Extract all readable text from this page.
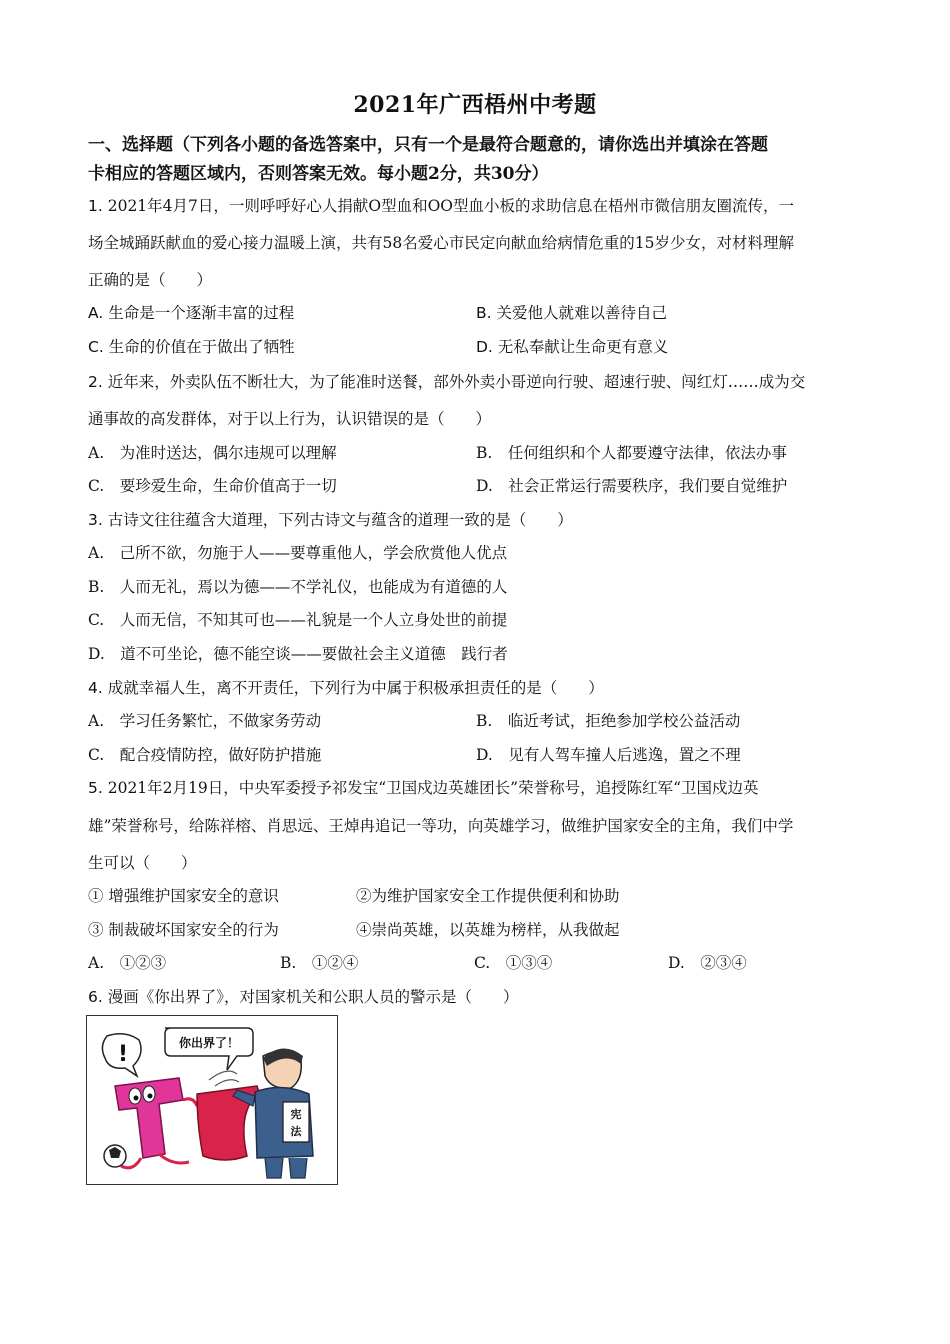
2021年广西梧州中考题
一、选择题（下列各小题的备选答案中，只有一个是最符合题意的，请你选出并填涂在答题
卡相应的答题区域内，否则答案无效。每小题2分，共30分）
1. 2021年4月7日，一则呼呼好心人捐献O型血和OO型血小板的求助信息在梧州市微信朋友圈流传，一
场全城踊跃献血的爱心接力温暖上演，共有58名爱心市民定向献血给病情危重的15岁少女，对材料理解
正确的是（　　）
A. 生命是一个逐渐丰富的过程	B. 关爱他人就难以善待自己
C. 生命的价值在于做出了牺牲	D. 无私奉献让生命更有意义
2. 近年来，外卖队伍不断壮大，为了能准时送餐，部外外卖小哥逆向行驶、超速行驶、闯红灯……成为交
通事故的高发群体，对于以上行为，认识错误的是（　　）
A.　为准时送达，偶尔违规可以理解	B.　任何组织和个人都要遵守法律，依法办事
C.　要珍爱生命，生命价值高于一切	D.　社会正常运行需要秩序，我们要自觉维护
3. 古诗文往往蕴含大道理，下列古诗文与蕴含的道理一致的是（　　）
A.　己所不欲，勿施于人——要尊重他人，学会欣赏他人优点
B.　人而无礼，焉以为德——不学礼仪，也能成为有道德的人
C.　人而无信，不知其可也——礼貌是一个人立身处世的前提
D.　道不可坐论，德不能空谈——要做社会主义道德　践行者
4. 成就幸福人生，离不开责任，下列行为中属于积极承担责任的是（　　）
A.　学习任务繁忙，不做家务劳动	B.　临近考试，拒绝参加学校公益活动
C.　配合疫情防控，做好防护措施	D.　见有人驾车撞人后逃逸，置之不理
5. 2021年2月19日，中央军委授予祁发宝“卫国戍边英雄团长”荣誉称号，追授陈红军“卫国戍边英
雄”荣誉称号，给陈祥榕、肖思远、王焯冉追记一等功，向英雄学习，做维护国家安全的主角，我们中学
生可以（　　）
① 增强维护国家安全的意识	②为维护国家安全工作提供便利和协助
③ 制裁破坏国家安全的行为	④崇尚英雄，以英雄为榜样，从我做起
A.　①②③	B.　①②④	C.　①③④	D.　②③④
6. 漫画《你出界了》，对国家机关和公职人员的警示是（　　）
你出界了！
!
宪
法
